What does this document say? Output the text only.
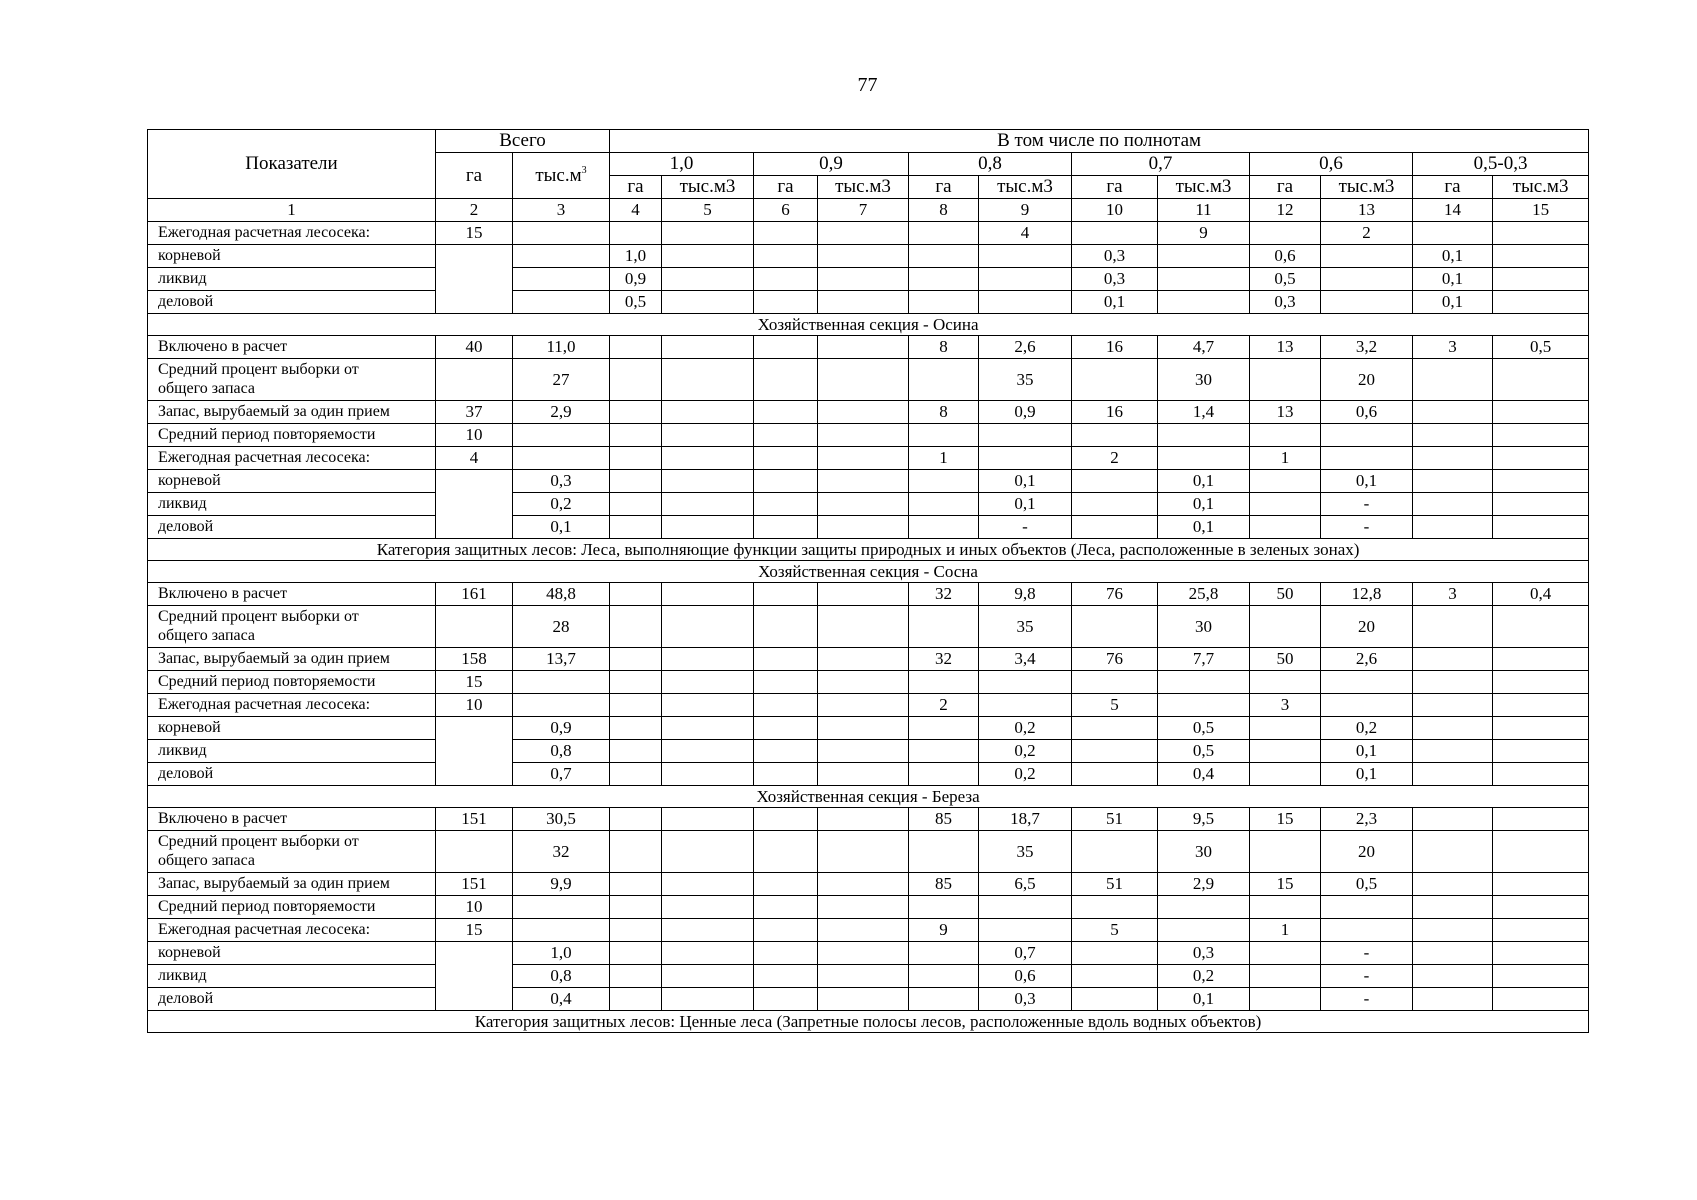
77
Показатели	Всего		В том числе по полнотам												
	га	$тыс.м^3$	1,0		0,9		0,8		0,7		0,6		0,5-0,3		
			га	тыс.м3	га	тыс.м3	га	тыс.м3	га	тыс.м3	га	тыс.м3	га	тыс.м3	
1	2	3	4	5	6	7	8	9	10	11	12	13	14	15	
Ежегодная расчетная лесосека:	15							4		9		2			
корневой			1,0						0,3		0,6		0,1		
ликвид			0,9						0,3		0,5		0,1		
деловой			0,5						0,1		0,3		0,1		
Хозяйственная секция - Осина															
Включено в расчет	40	11,0					8	2,6	16	4,7	13	3,2	3	0,5	

Средний процент выборки от
общего запаса		27						35		30		20			
Запас, вырубаемый за один прием	37	2,9					8	0,9	16	1,4	13	0,6			
Средний период повторяемости	10														
Ежегодная расчетная лесосека:	4						1		2		1				
корневой		0,3						0,1		0,1		0,1			
ликвид		0,2						0,1		0,1		-			
деловой		0,1						-		0,1		-			
Категория защитных лесов: Леса, выполняющие функции защиты природных и иных объектов (Леса, расположенные в зеленых зонах)															
Хозяйственная секция - Сосна															
Включено в расчет	161	48,8					32	9,8	76	25,8	50	12,8	3	0,4	

Средний процент выборки от
общего запаса		28						35		30		20			
Запас, вырубаемый за один прием	158	13,7					32	3,4	76	7,7	50	2,6			
Средний период повторяемости	15														
Ежегодная расчетная лесосека:	10						2		5		3				
корневой		0,9						0,2		0,5		0,2			
ликвид		0,8						0,2		0,5		0,1			
деловой		0,7						0,2		0,4		0,1			
Хозяйственная секция - Береза															
Включено в расчет	151	30,5					85	18,7	51	9,5	15	2,3			

Средний процент выборки от
общего запаса		32						35		30		20			
Запас, вырубаемый за один прием	151	9,9					85	6,5	51	2,9	15	0,5			
Средний период повторяемости	10														
Ежегодная расчетная лесосека:	15						9		5		1				
корневой		1,0						0,7		0,3		-			
ликвид		0,8						0,6		0,2		-			
деловой		0,4						0,3		0,1		-			
Категория защитных лесов: Ценные леса (Запретные полосы лесов, расположенные вдоль водных объектов)															
